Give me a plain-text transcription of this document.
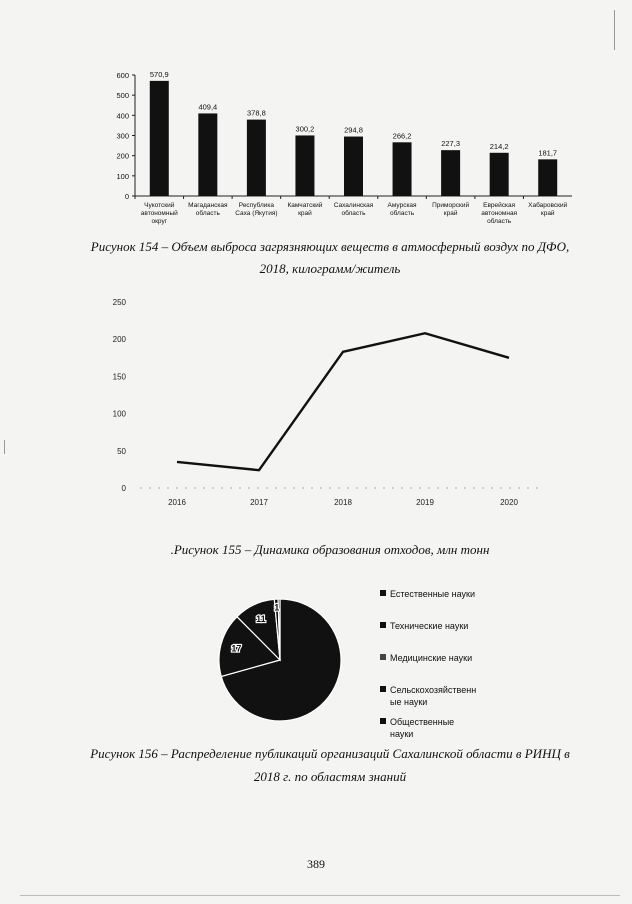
0
100
200
300
400
500
600	570,9
Чукотский
автономный
округ
409,4
Магаданская
область
378,8
Республика
Саха (Якутия)
300,2
Камчатский
край
294,8
Сахалинская
область
266,2
Амурская
область
227,3
Приморский
край
214,2
Еврейская
автономная
область
181,7
Хабаровский
край
Рисунок 154 – Объем выброса загрязняющих веществ в атмосферный воздух по ДФО,
2018, килограмм/житель
0
50
100
150
200
250
2016	2017	2018	2019	2020
.Рисунок 155 – Динамика образования отходов, млн тонн
17
11
1
Естественные науки
Технические науки
Медицинские науки
Сельскохозяйственн
ые науки
Общественные
науки
Рисунок 156 – Распределение публикаций организаций Сахалинской области в РИНЦ в
2018 г. по областям знаний
389
